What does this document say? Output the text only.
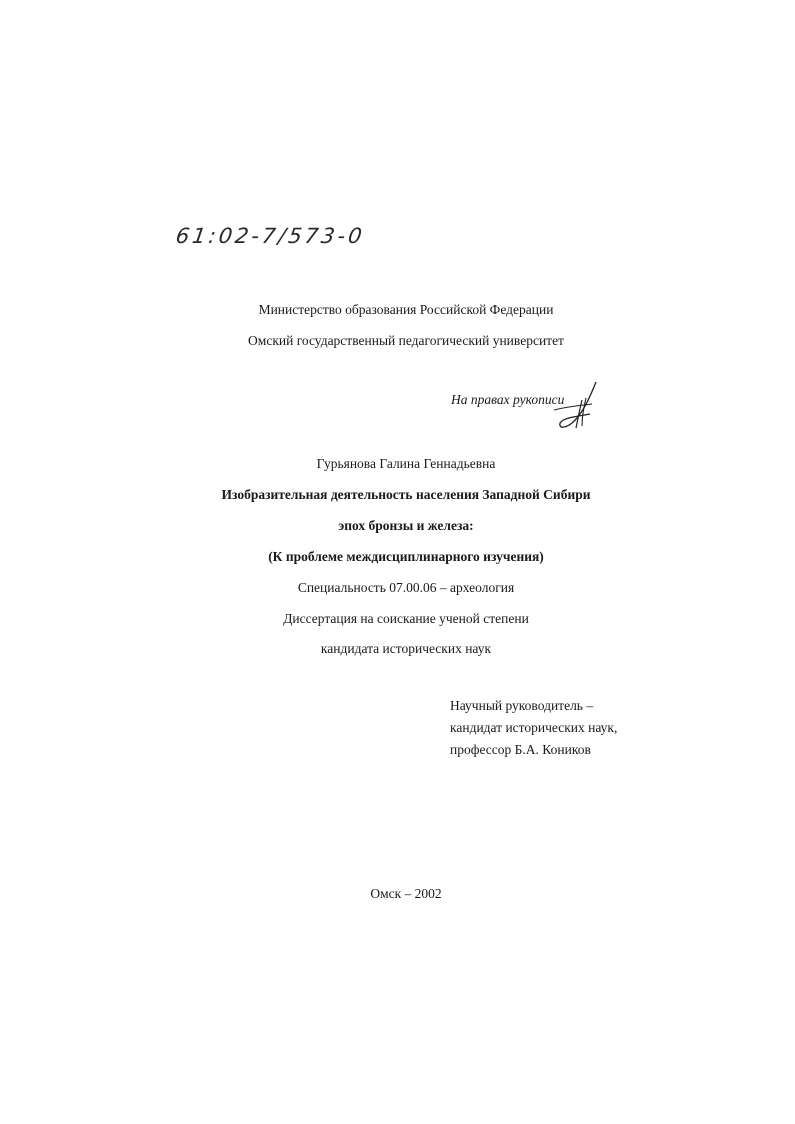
61:02-7/573-0
Министерство образования Российской Федерации
Омский государственный педагогический университет
На правах рукописи
Гурьянова Галина Геннадьевна
Изобразительная деятельность населения Западной Сибири
эпох бронзы и железа:
(К проблеме междисциплинарного изучения)
Специальность 07.00.06 – археология
Диссертация на соискание ученой степени
кандидата исторических наук
Научный руководитель –
кандидат исторических наук,
профессор Б.А. Коников
Омск – 2002
